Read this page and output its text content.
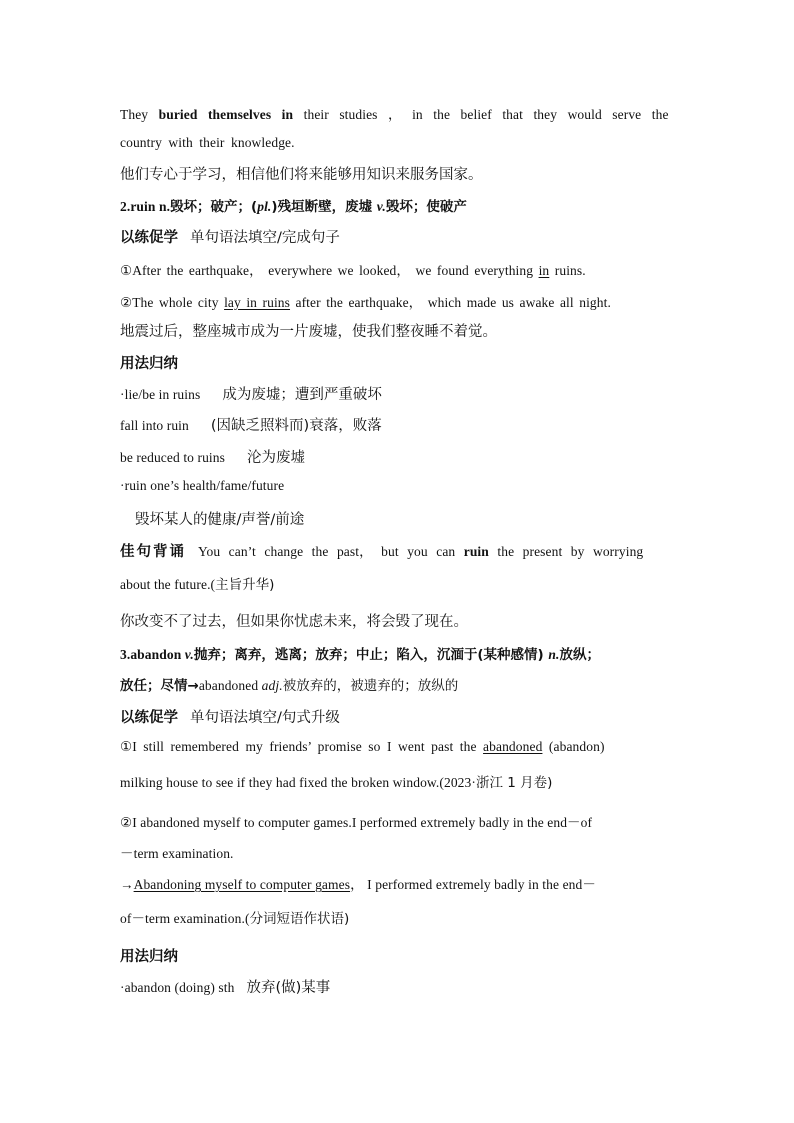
They buried themselves in their studies ， in the belief that they would serve the
country with their knowledge.
他们专心于学习，相信他们将来能够用知识来服务国家。
2.ruin n.毁坏；破产；(pl.)残垣断壁，废墟 v.毁坏；使破产
以练促学 单句语法填空/完成句子
①After the earthquake， everywhere we looked， we found everything in ruins.
②The whole city lay in ruins after the earthquake， which made us awake all night.
地震过后，整座城市成为一片废墟，使我们整夜睡不着觉。
用法归纳
·lie/be in ruins 成为废墟；遭到严重破坏
fall into ruin (因缺乏照料而)衰落，败落
be reduced to ruins 沦为废墟
·ruin one’s health/fame/future
毁坏某人的健康/声誉/前途
佳句背诵 You can’t change the past， but you can ruin the present by worrying
about the future.(主旨升华)
你改变不了过去，但如果你忧虑未来，将会毁了现在。
3.abandon v.抛弃；离弃，逃离；放弃；中止；陷入，沉湎于(某种感情) n.放纵；
放任；尽情→abandoned adj.被放弃的，被遗弃的；放纵的
以练促学 单句语法填空/句式升级
①I still remembered my friends’ promise so I went past the abandoned (abandon)
milking house to see if they had fixed the broken window.(2023·浙江 1 月卷)
②I abandoned myself to computer games.I performed extremely badly in the end－of
－term examination.
→Abandoning myself to computer games， I performed extremely badly in the end－
of－term examination.(分词短语作状语)
用法归纳
·abandon (doing) sth 放弃(做)某事
